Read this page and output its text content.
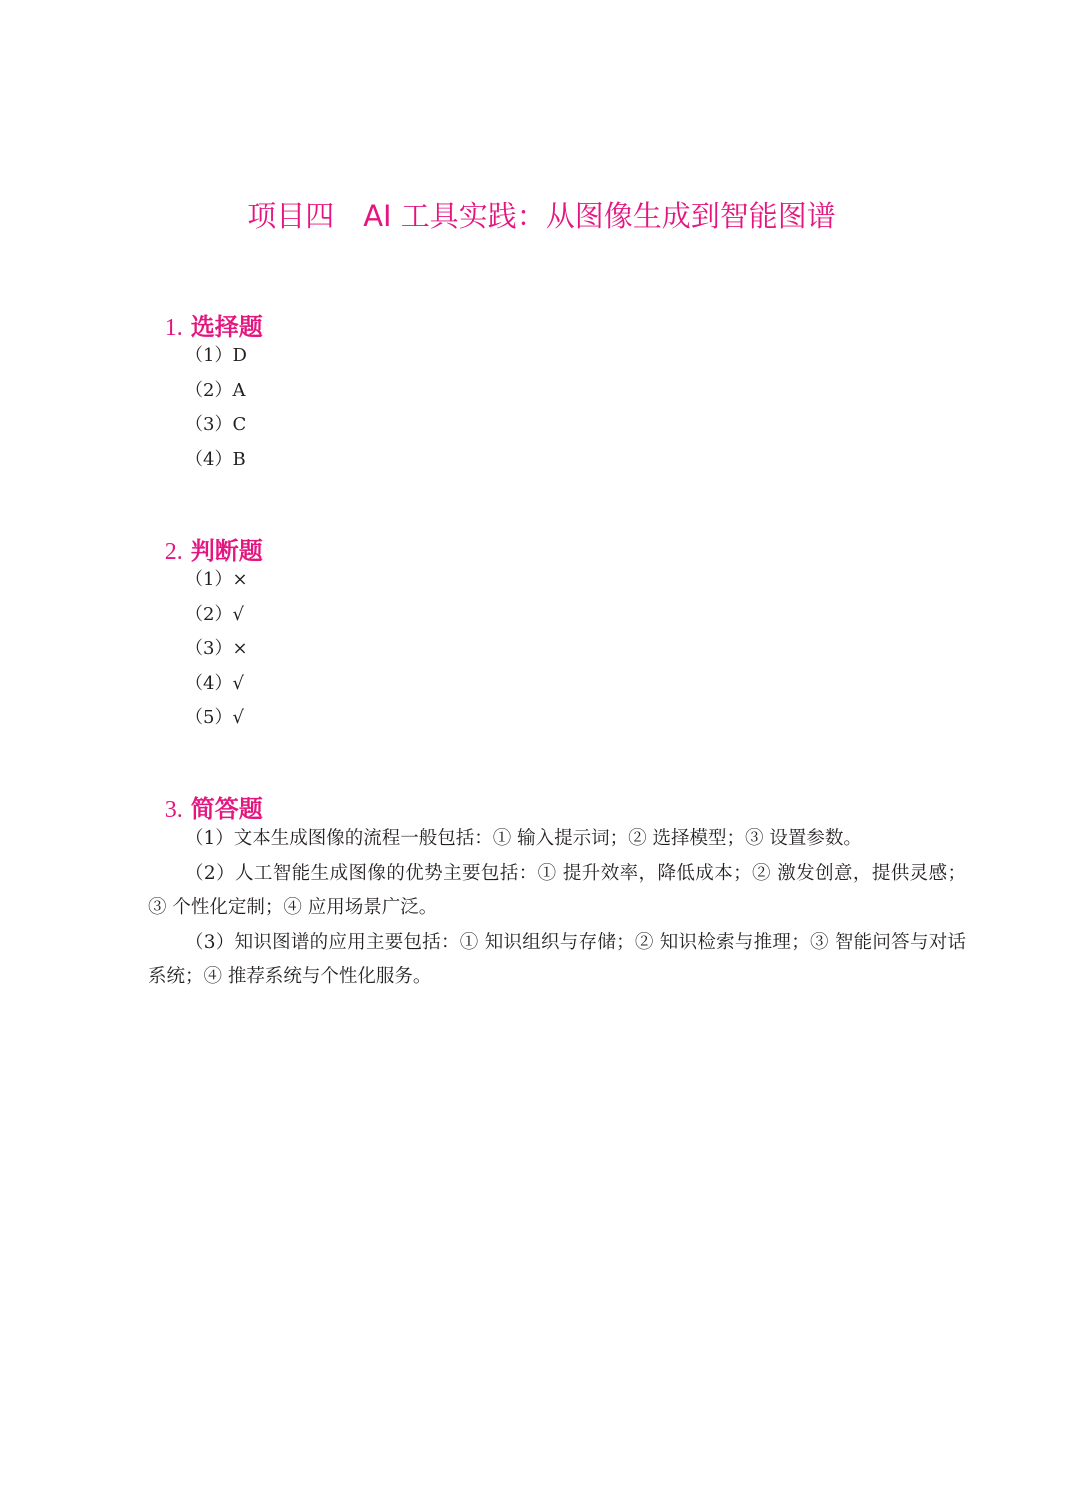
项目四　AI 工具实践：从图像生成到智能图谱

1. 选择题

（1）D
（2）A
（3）C
（4）B

2. 判断题

（1）×
（2）√
（3）×
（4）√
（5）√

3. 简答题

（1）文本生成图像的流程一般包括：① 输入提示词；② 选择模型；③ 设置参数。

（2）人工智能生成图像的优势主要包括：① 提升效率，降低成本；② 激发创意，提供灵感；③ 个性化定制；④ 应用场景广泛。

（3）知识图谱的应用主要包括：① 知识组织与存储；② 知识检索与推理；③ 智能问答与对话系统；④ 推荐系统与个性化服务。
